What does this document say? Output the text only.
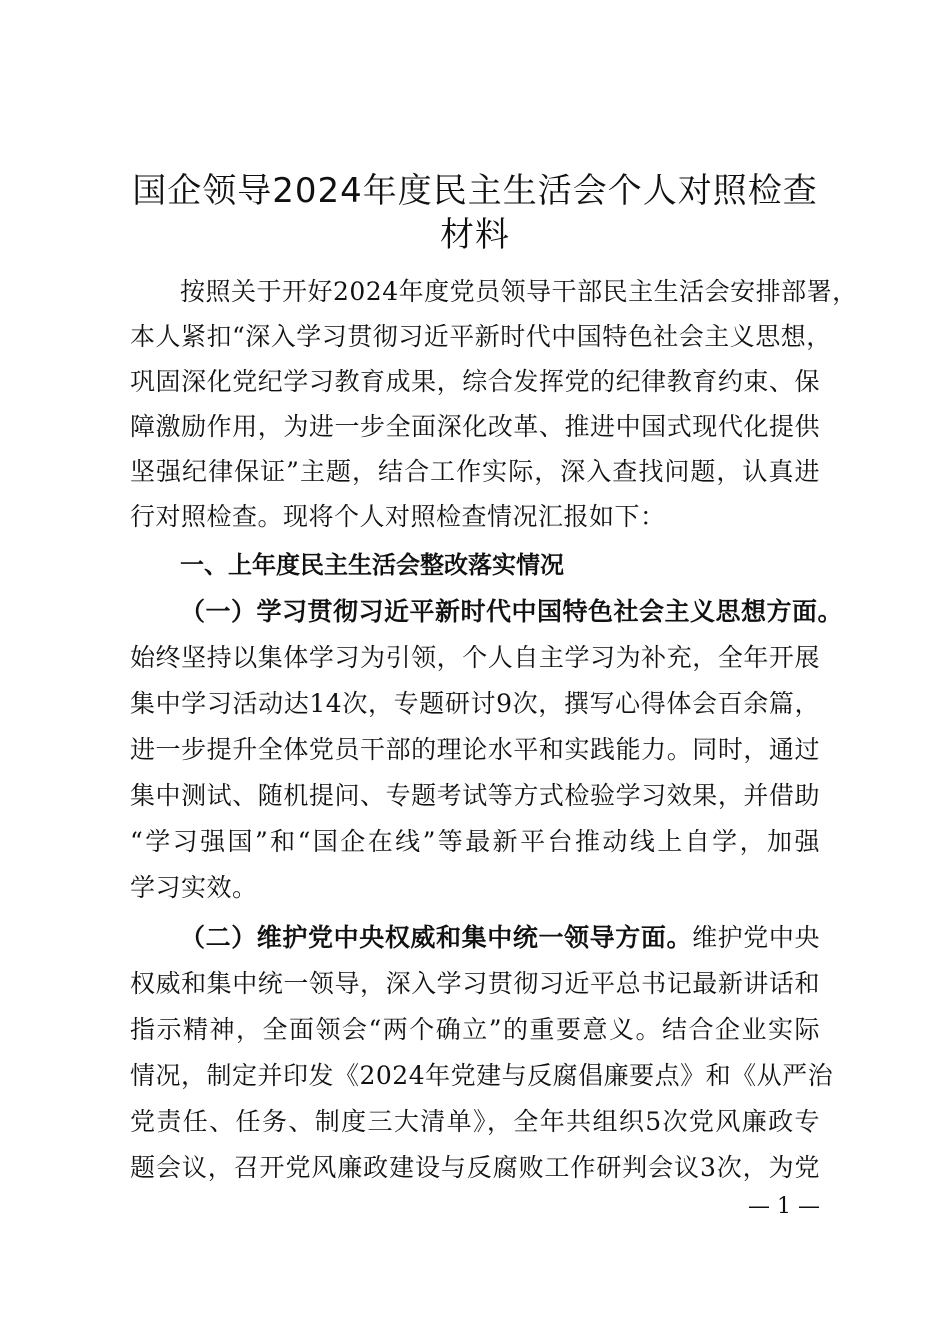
国企领导2024年度民主生活会个人对照检查
材料
按照关于开好2024年度党员领导干部民主生活会安排部署，
本人紧扣“深入学习贯彻习近平新时代中国特色社会主义思想，
巩固深化党纪学习教育成果，综合发挥党的纪律教育约束、保
障激励作用，为进一步全面深化改革、推进中国式现代化提供
坚强纪律保证”主题，结合工作实际，深入查找问题，认真进
行对照检查。现将个人对照检查情况汇报如下：
一、上年度民主生活会整改落实情况
（一）学习贯彻习近平新时代中国特色社会主义思想方面。
始终坚持以集体学习为引领，个人自主学习为补充，全年开展
集中学习活动达14次，专题研讨9次，撰写心得体会百余篇，
进一步提升全体党员干部的理论水平和实践能力。同时，通过
集中测试、随机提问、专题考试等方式检验学习效果，并借助
“学习强国”和“国企在线”等最新平台推动线上自学，加强
学习实效。
（二）维护党中央权威和集中统一领导方面。维护党中央
权威和集中统一领导，深入学习贯彻习近平总书记最新讲话和
指示精神，全面领会“两个确立”的重要意义。结合企业实际
情况，制定并印发《2024年党建与反腐倡廉要点》和《从严治
党责任、任务、制度三大清单》，全年共组织5次党风廉政专
题会议，召开党风廉政建设与反腐败工作研判会议3次，为党
— 1 —
